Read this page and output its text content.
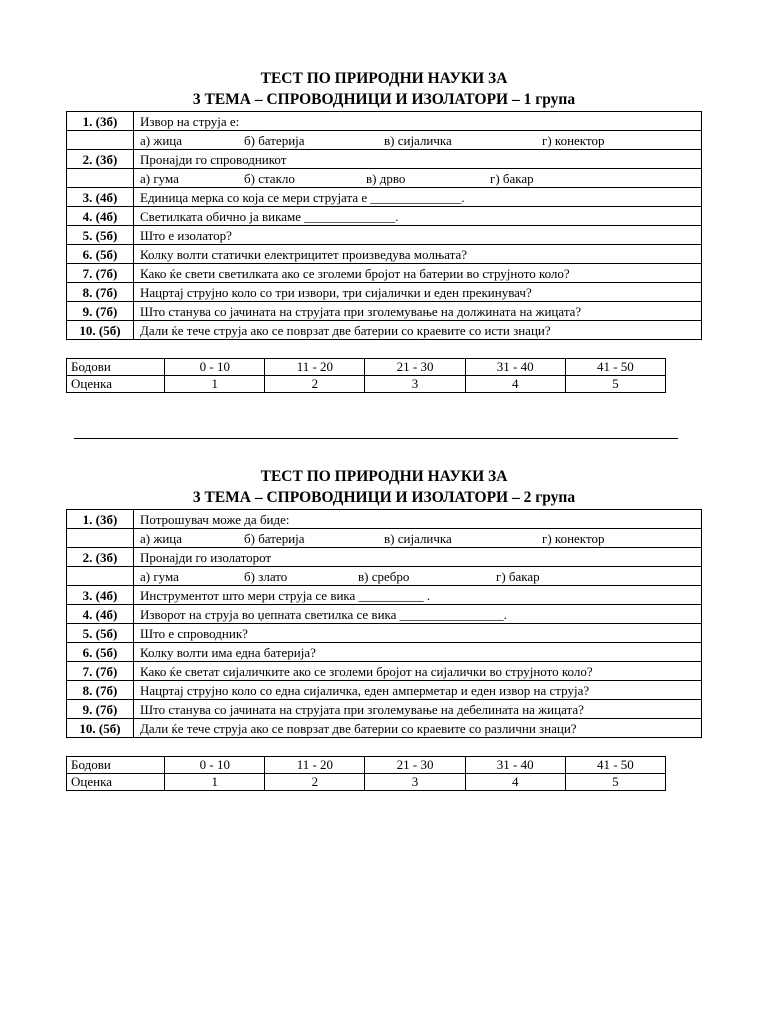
ТЕСТ ПО ПРИРОДНИ НАУКИ ЗА
3 ТЕМА – СПРОВОДНИЦИ И ИЗОЛАТОРИ – 1 група
1. (3б)	Извор на струја е:

	а) жица б) батерија в) сијаличка г) конектор

2. (3б)	Пронајди го спроводникот

	а) гума б) стакло в) дрво г) бакар

3. (4б)	Единица мерка со која се мери струјата е ______________.
4. (4б)	Светилката обично ја викаме ______________.
5. (5б)	Што е изолатор?
6. (5б)	Колку волти статички електрицитет произведува молњата?
7. (7б)	Како ќе свети светилката ако се зголеми бројот на батерии во струјното коло?
8. (7б)	Нацртај струјно коло со три извори, три сијалички и еден прекинувач?
9. (7б)	Што станува со јачината на струјата при зголемување на должината на жицата?
10. (5б)	Дали ќе тече струја ако се поврзат две батерии со краевите со исти знаци?
Бодови	0 - 10	11 - 20	21 - 30	31 - 40	41 - 50
Оценка	1	2	3	4	5
ТЕСТ ПО ПРИРОДНИ НАУКИ ЗА
3 ТЕМА – СПРОВОДНИЦИ И ИЗОЛАТОРИ – 2 група
1. (3б)	Потрошувач може да биде:

	а) жица б) батерија в) сијаличка г) конектор

2. (3б)	Пронајди го изолаторот

	а) гума б) злато в) сребро г) бакар

3. (4б)	Инструментот што мери струја се вика __________ .
4. (4б)	Изворот на струја во џепната светилка се вика ________________.
5. (5б)	Што е спроводник?
6. (5б)	Колку волти има една батерија?
7. (7б)	Како ќе светат сијаличките ако се зголеми бројот на сијалички во струјното коло?
8. (7б)	Нацртај струјно коло со една сијаличка, еден амперметар и еден извор на струја?
9. (7б)	Што станува со јачината на струјата при зголемување на дебелината на жицата?
10. (5б)	Дали ќе тече струја ако се поврзат две батерии со краевите со различни знаци?
Бодови	0 - 10	11 - 20	21 - 30	31 - 40	41 - 50
Оценка	1	2	3	4	5
